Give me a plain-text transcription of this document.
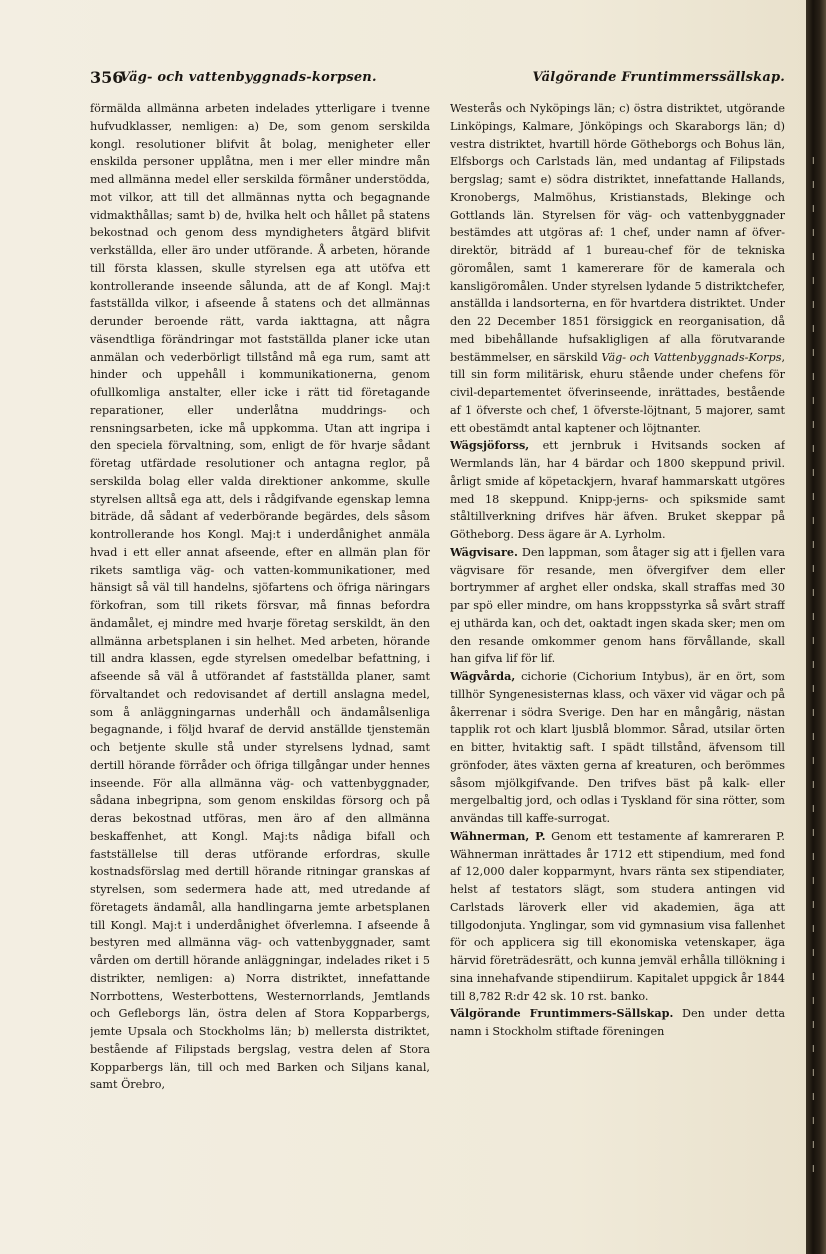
356
Väg- och vattenbyggnads-korpsen.	Välgörande Fruntimmerssällskap.

förmälda allmänna arbeten indelades ytterligare i tvenne hufvudklasser, nemligen: a) De, som genom serskilda kongl. resolutioner blifvit åt bolag, menigheter eller enskilda personer upplåtna, men i mer eller mindre mån med allmänna medel eller serskilda förmåner understödda, mot vilkor, att till det allmännas nytta och begagnande vidmakthållas; samt b) de, hvilka helt och hållet på statens bekostnad och genom dess myndigheters åtgärd blifvit verkställda, eller äro under utförande. Å arbeten, hörande till första klassen, skulle styrelsen ega att utöfva ett kontrollerande inseende sålunda, att de af Kongl. Maj:t fastställda vilkor, i afseende å statens och det allmännas derunder beroende rätt, varda iakttagna, att några väsendtliga förändringar mot fastställda planer icke utan anmälan och vederbörligt tillstånd må ega rum, samt att hinder och uppehåll i kommunikationerna, genom ofullkomliga anstalter, eller icke i rätt tid företagande reparationer, eller underlåtna muddrings- och rensningsarbeten, icke må uppkomma. Utan att ingripa i den speciela förvaltning, som, enligt de för hvarje sådant företag utfärdade resolutioner och antagna reglor, på serskilda bolag eller valda direktioner ankomme, skulle styrelsen alltså ega att, dels i rådgifvande egenskap lemna biträde, då sådant af vederbörande begärdes, dels såsom kontrollerande hos Kongl. Maj:t i underdånighet anmäla hvad i ett eller annat afseende, efter en allmän plan för rikets samtliga väg- och vatten-kommunikationer, med hänsigt så väl till handelns, sjöfartens och öfriga näringars förkofran, som till rikets försvar, må finnas befordra ändamålet, ej mindre med hvarje företag serskildt, än den allmänna arbetsplanen i sin helhet. Med arbeten, hörande till andra klassen, egde styrelsen omedelbar befattning, i afseende så väl å utförandet af fastställda planer, samt förvaltandet och redovisandet af dertill anslagna medel, som å anläggningarnas underhåll och ändamålsenliga begagnande, i följd hvaraf de dervid anställde tjenstemän och betjente skulle stå under styrelsens lydnad, samt dertill hörande förråder och öfriga tillgångar under hennes inseende. För alla allmänna väg- och vattenbyggnader, sådana inbegripna, som genom enskildas försorg och på deras bekostnad utföras, men äro af den allmänna beskaffenhet, att Kongl. Maj:ts nådiga bifall och fastställelse till deras utförande erfordras, skulle kostnadsförslag med dertill hörande ritningar granskas af styrelsen, som sedermera hade att, med utredande af företagets ändamål, alla handlingarna jemte arbetsplanen till Kongl. Maj:t i underdånighet öfverlemna. I afseende å bestyren med allmänna väg- och vattenbyggnader, samt vården om dertill hörande anläggningar, indelades riket i 5 distrikter, nemligen: a) Norra distriktet, innefattande Norrbottens, Westerbottens, Westernorrlands, Jemtlands och Gefleborgs län, östra delen af Stora Kopparbergs, jemte Upsala och Stockholms län; b) mellersta distriktet, bestående af Filipstads bergslag, vestra delen af Stora Kopparbergs län, till och med Barken och Siljans kanal, samt Örebro,

Westerås och Nyköpings län; c) östra distriktet, utgörande Linköpings, Kalmare, Jönköpings och Skaraborgs län; d) vestra distriktet, hvartill hörde Götheborgs och Bohus län, Elfsborgs och Carlstads län, med undantag af Filipstads bergslag; samt e) södra distriktet, innefattande Hallands, Kronobergs, Malmöhus, Kristianstads, Blekinge och Gottlands län. Styrelsen för väg- och vattenbyggnader bestämdes att utgöras af: 1 chef, under namn af öfver-direktör, biträdd af 1 bureau-chef för de tekniska göromålen, samt 1 kamererare för de kamerala och kansligöromålen. Under styrelsen lydande 5 distriktchefer, anställda i landsorterna, en för hvartdera distriktet. Under den 22 December 1851 försiggick en reorganisation, då med bibehållande hufsakligligen af alla förutvarande bestämmelser, en särskild Väg- och Vattenbyggnads-Korps, till sin form militärisk, ehuru stående under chefens för civil-departementet öfverinseende, inrättades, bestående af 1 öfverste och chef, 1 öfverste-löjtnant, 5 majorer, samt ett obestämdt antal kaptener och löjtnanter.

Wägsjöforss, ett jernbruk i Hvitsands socken af Wermlands län, har 4 bärdar och 1800 skeppund privil. årligt smide af köpetackjern, hvaraf hammarskatt utgöres med 18 skeppund. Knipp-jerns- och spiksmide samt ståltillverkning drifves här äfven. Bruket skeppar på Götheborg. Dess ägare är A. Lyrholm.

Wägvisare. Den lappman, som åtager sig att i fjellen vara vägvisare för resande, men öfvergifver dem eller bortrymmer af arghet eller ondska, skall straffas med 30 par spö eller mindre, om hans kroppsstyrka så svårt straff ej uthärda kan, och det, oaktadt ingen skada sker; men om den resande omkommer genom hans förvållande, skall han gifva lif för lif.

Wägvårda, cichorie (Cichorium Intybus), är en ört, som tillhör Syngenesisternas klass, och växer vid vägar och på åkerrenar i södra Sverige. Den har en mångårig, nästan tapplik rot och klart ljusblå blommor. Sårad, utsilar örten en bitter, hvitaktig saft. I spädt tillstånd, äfvensom till grönfoder, ätes växten gerna af kreaturen, och berömmes såsom mjölkgifvande. Den trifves bäst på kalk- eller mergelbaltig jord, och odlas i Tyskland för sina rötter, som användas till kaffe-surrogat.

Wähnerman, P. Genom ett testamente af kamreraren P. Wähnerman inrättades år 1712 ett stipendium, med fond af 12,000 daler kopparmynt, hvars ränta sex stipendiater, helst af testators slägt, som studera antingen vid Carlstads läroverk eller vid akademien, äga att tillgodonjuta. Ynglingar, som vid gymnasium visa fallenhet för och applicera sig till ekonomiska vetenskaper, äga härvid företrädesrätt, och kunna jemväl erhålla tillökning i sina innehafvande stipendiirum. Kapitalet uppgick år 1844 till 8,782 R:dr 42 sk. 10 rst. banko.

Välgörande Fruntimmers-Sällskap. Den under detta namn i Stockholm stiftade föreningen

l
l
l
l
l
l
l
l
l
l
l
l
l
l
l
l
l
l
l
l
l
l
l
l
l
l
l
l
l
l
l
l
l
l
l
l
l
l
l
l
l
l
l
